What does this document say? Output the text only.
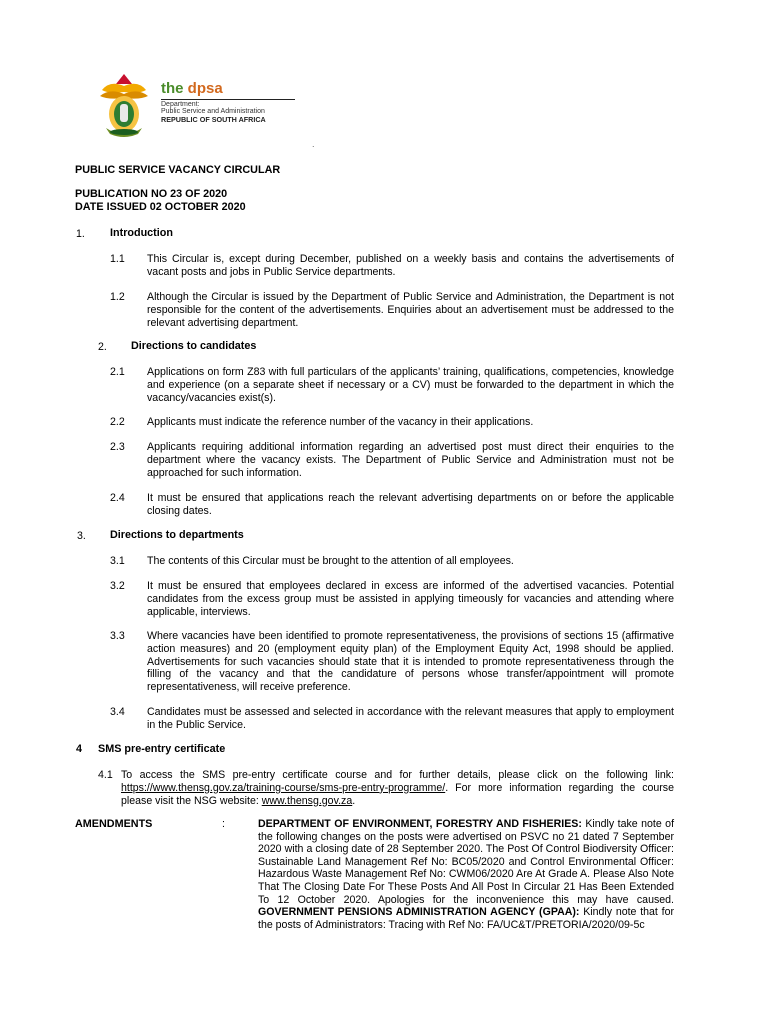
the dpsa
Department:
Public Service and Administration
REPUBLIC OF SOUTH AFRICA
.
PUBLIC SERVICE VACANCY CIRCULAR
PUBLICATION NO 23 OF 2020
DATE ISSUED 02 OCTOBER 2020
1. Introduction
1.1 This Circular is, except during December, published on a weekly basis and contains the advertisements of vacant posts and jobs in Public Service departments.
1.2 Although the Circular is issued by the Department of Public Service and Administration, the Department is not responsible for the content of the advertisements. Enquiries about an advertisement must be addressed to the relevant advertising department.
2. Directions to candidates
2.1 Applications on form Z83 with full particulars of the applicants’ training, qualifications, competencies, knowledge and experience (on a separate sheet if necessary or a CV) must be forwarded to the department in which the vacancy/vacancies exist(s).
2.2 Applicants must indicate the reference number of the vacancy in their applications.
2.3 Applicants requiring additional information regarding an advertised post must direct their enquiries to the department where the vacancy exists. The Department of Public Service and Administration must not be approached for such information.
2.4 It must be ensured that applications reach the relevant advertising departments on or before the applicable closing dates.
3. Directions to departments
3.1 The contents of this Circular must be brought to the attention of all employees.
3.2 It must be ensured that employees declared in excess are informed of the advertised vacancies. Potential candidates from the excess group must be assisted in applying timeously for vacancies and attending where applicable, interviews.
3.3 Where vacancies have been identified to promote representativeness, the provisions of sections 15 (affirmative action measures) and 20 (employment equity plan) of the Employment Equity Act, 1998 should be applied. Advertisements for such vacancies should state that it is intended to promote representativeness through the filling of the vacancy and that the candidature of persons whose transfer/appointment will promote representativeness, will receive preference.
3.4 Candidates must be assessed and selected in accordance with the relevant measures that apply to employment in the Public Service.
4 SMS pre-entry certificate
4.1 To access the SMS pre-entry certificate course and for further details, please click on the following link: https://www.thensg.gov.za/training-course/sms-pre-entry-programme/. For more information regarding the course please visit the NSG website: www.thensg.gov.za.
AMENDMENTS	:	DEPARTMENT OF ENVIRONMENT, FORESTRY AND FISHERIES: Kindly take note of the following changes on the posts were advertised on PSVC no 21 dated 7 September 2020 with a closing date of 28 September 2020. The Post Of Control Biodiversity Officer: Sustainable Land Management Ref No: BC05/2020 and Control Environmental Officer: Hazardous Waste Management Ref No: CWM06/2020 Are At Grade A. Please Also Note That The Closing Date For These Posts And All Post In Circular 21 Has Been Extended To 12 October 2020. Apologies for the inconvenience this may have caused. GOVERNMENT PENSIONS ADMINISTRATION AGENCY (GPAA): Kindly note that for the posts of Administrators: Tracing with Ref No: FA/UC&T/PRETORIA/2020/09-5c
